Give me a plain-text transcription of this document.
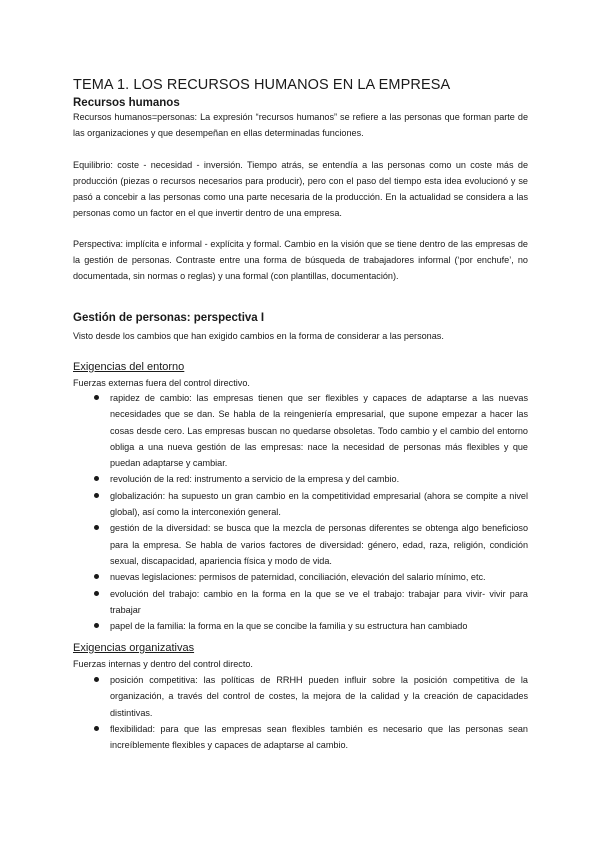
TEMA 1. LOS RECURSOS HUMANOS EN LA EMPRESA
Recursos humanos
Recursos humanos=personas: La expresión “recursos humanos” se refiere a las personas que forman parte de las organizaciones y que desempeñan en ellas determinadas funciones.
Equilibrio: coste - necesidad - inversión. Tiempo atrás, se entendía a las personas como un coste más de producción (piezas o recursos necesarios para producir), pero con el paso del tiempo esta idea evolucionó y se pasó a concebir a las personas como una parte necesaria de la producción. En la actualidad se considera a las personas como un factor en el que invertir dentro de una empresa.
Perspectiva: implícita e informal - explícita y formal. Cambio en la visión que se tiene dentro de las empresas de la gestión de personas. Contraste entre una forma de búsqueda de trabajadores informal (‘por enchufe’, no documentada, sin normas o reglas) y una formal (con plantillas, documentación).
Gestión de personas: perspectiva I
Visto desde los cambios que han exigido cambios en la forma de considerar a las personas.
Exigencias del entorno
Fuerzas externas fuera del control directivo.
rapidez de cambio: las empresas tienen que ser flexibles y capaces de adaptarse a las nuevas necesidades que se dan. Se habla de la reingeniería empresarial, que supone empezar a hacer las cosas desde cero. Las empresas buscan no quedarse obsoletas. Todo cambio y el cambio del entorno obliga a una nueva gestión de las empresas: nace la necesidad de personas más flexibles y que puedan adaptarse y cambiar.
revolución de la red: instrumento a servicio de la empresa y del cambio.
globalización: ha supuesto un gran cambio en la competitividad empresarial (ahora se compite a nivel global), así como la interconexión general.
gestión de la diversidad: se busca que la mezcla de personas diferentes se obtenga algo beneficioso para la empresa. Se habla de varios factores de diversidad: género, edad, raza, religión, condición sexual, discapacidad, apariencia física y modo de vida.
nuevas legislaciones: permisos de paternidad, conciliación, elevación del salario mínimo, etc.
evolución del trabajo: cambio en la forma en la que se ve el trabajo: trabajar para vivir- vivir para trabajar
papel de la familia: la forma en la que se concibe la familia y su estructura han cambiado
Exigencias organizativas
Fuerzas internas y dentro del control directo.
posición competitiva: las políticas de RRHH pueden influir sobre la posición competitiva de la organización, a través del control de costes, la mejora de la calidad y la creación de capacidades distintivas.
flexibilidad: para que las empresas sean flexibles también es necesario que las personas sean increíblemente flexibles y capaces de adaptarse al cambio.
